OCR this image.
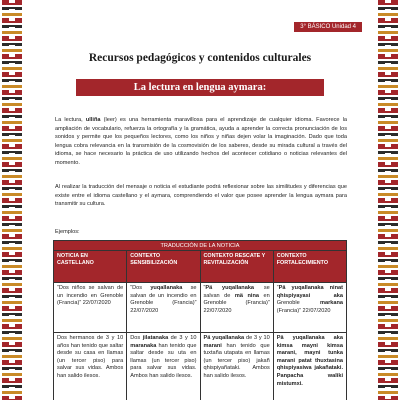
3° BÁSICO Unidad 4
Recursos pedagógicos y contenidos culturales
La lectura en lengua aymara:

La lectura, ulliña (leer) es una herramienta maravillosa para el aprendizaje de cualquier idioma. Favorece la ampliación de vocabulario, refuerza la ortografía y la gramática, ayuda a aprender la correcta pronunciación de los sonidos y permite que los pequeños lectores, como los niños y niñas dejen volar la imaginación. Dado que toda lengua cobra relevancia en la transmisión de la cosmovisión de los saberes, desde su mirada cultural a través del idioma, se hace necesario la práctica de uso utilizando hechos del acontecer cotidiano o noticias relevantes del momento.

Al realizar la traducción del mensaje o noticia el estudiante podrá reflexionar sobre las similitudes y diferencias que existe entre el idioma castellano y el aymara, comprendiendo el valor que posee aprender la lengua aymara para transmitir su cultura.

Ejemplos:
TRADUCCIÓN DE LA NOTICIA			
NOTICIA EN CASTELLANO	CONTEXTO SENSIBILIZACIÓN	CONTEXTO RESCATE Y REVITALIZACIÓN	CONTEXTO FORTALECIMIENTO
“Dos niños se salvan de un incendio en Grenoble (Francia)” 22/07/2020	“Dos yuqallanaka se salvan de un incendio en Grenoble (Francia)” 22/07/2020	“Pä yuqallanaka se salvan de mä nina en Grenoble (Francia)” 22/07/2020	“Pä yuqallanaka ninat qhispiyayasi aka Grenoble markana (Francia)” 22/07/2020
Dos hermanos de 3 y 10 años han tenido que saltar desde su casa en llamas (un tercer piso) para salvar sus vidas. Ambos han salido ilesos.	Dos jilatanaka de 3 y 10 maranaka han tenido que saltar desde su uta en llamas (un tercer piso) para salvar sus vidas. Ambos han salido ilesos.	Pä yuqallanaka de 3 y 10 marani han tenido que tuxtaña utapata en llamas (un tercer piso) jakañ qhispiyañataki. Ambos han salido ilesos.	Pä yuqallanaka aka kimsa mayni kimsa marani, mayni tunka marani patat thuxtasina qhispiyasiwa jakañataki. Panpacha waliki mistumxi.
